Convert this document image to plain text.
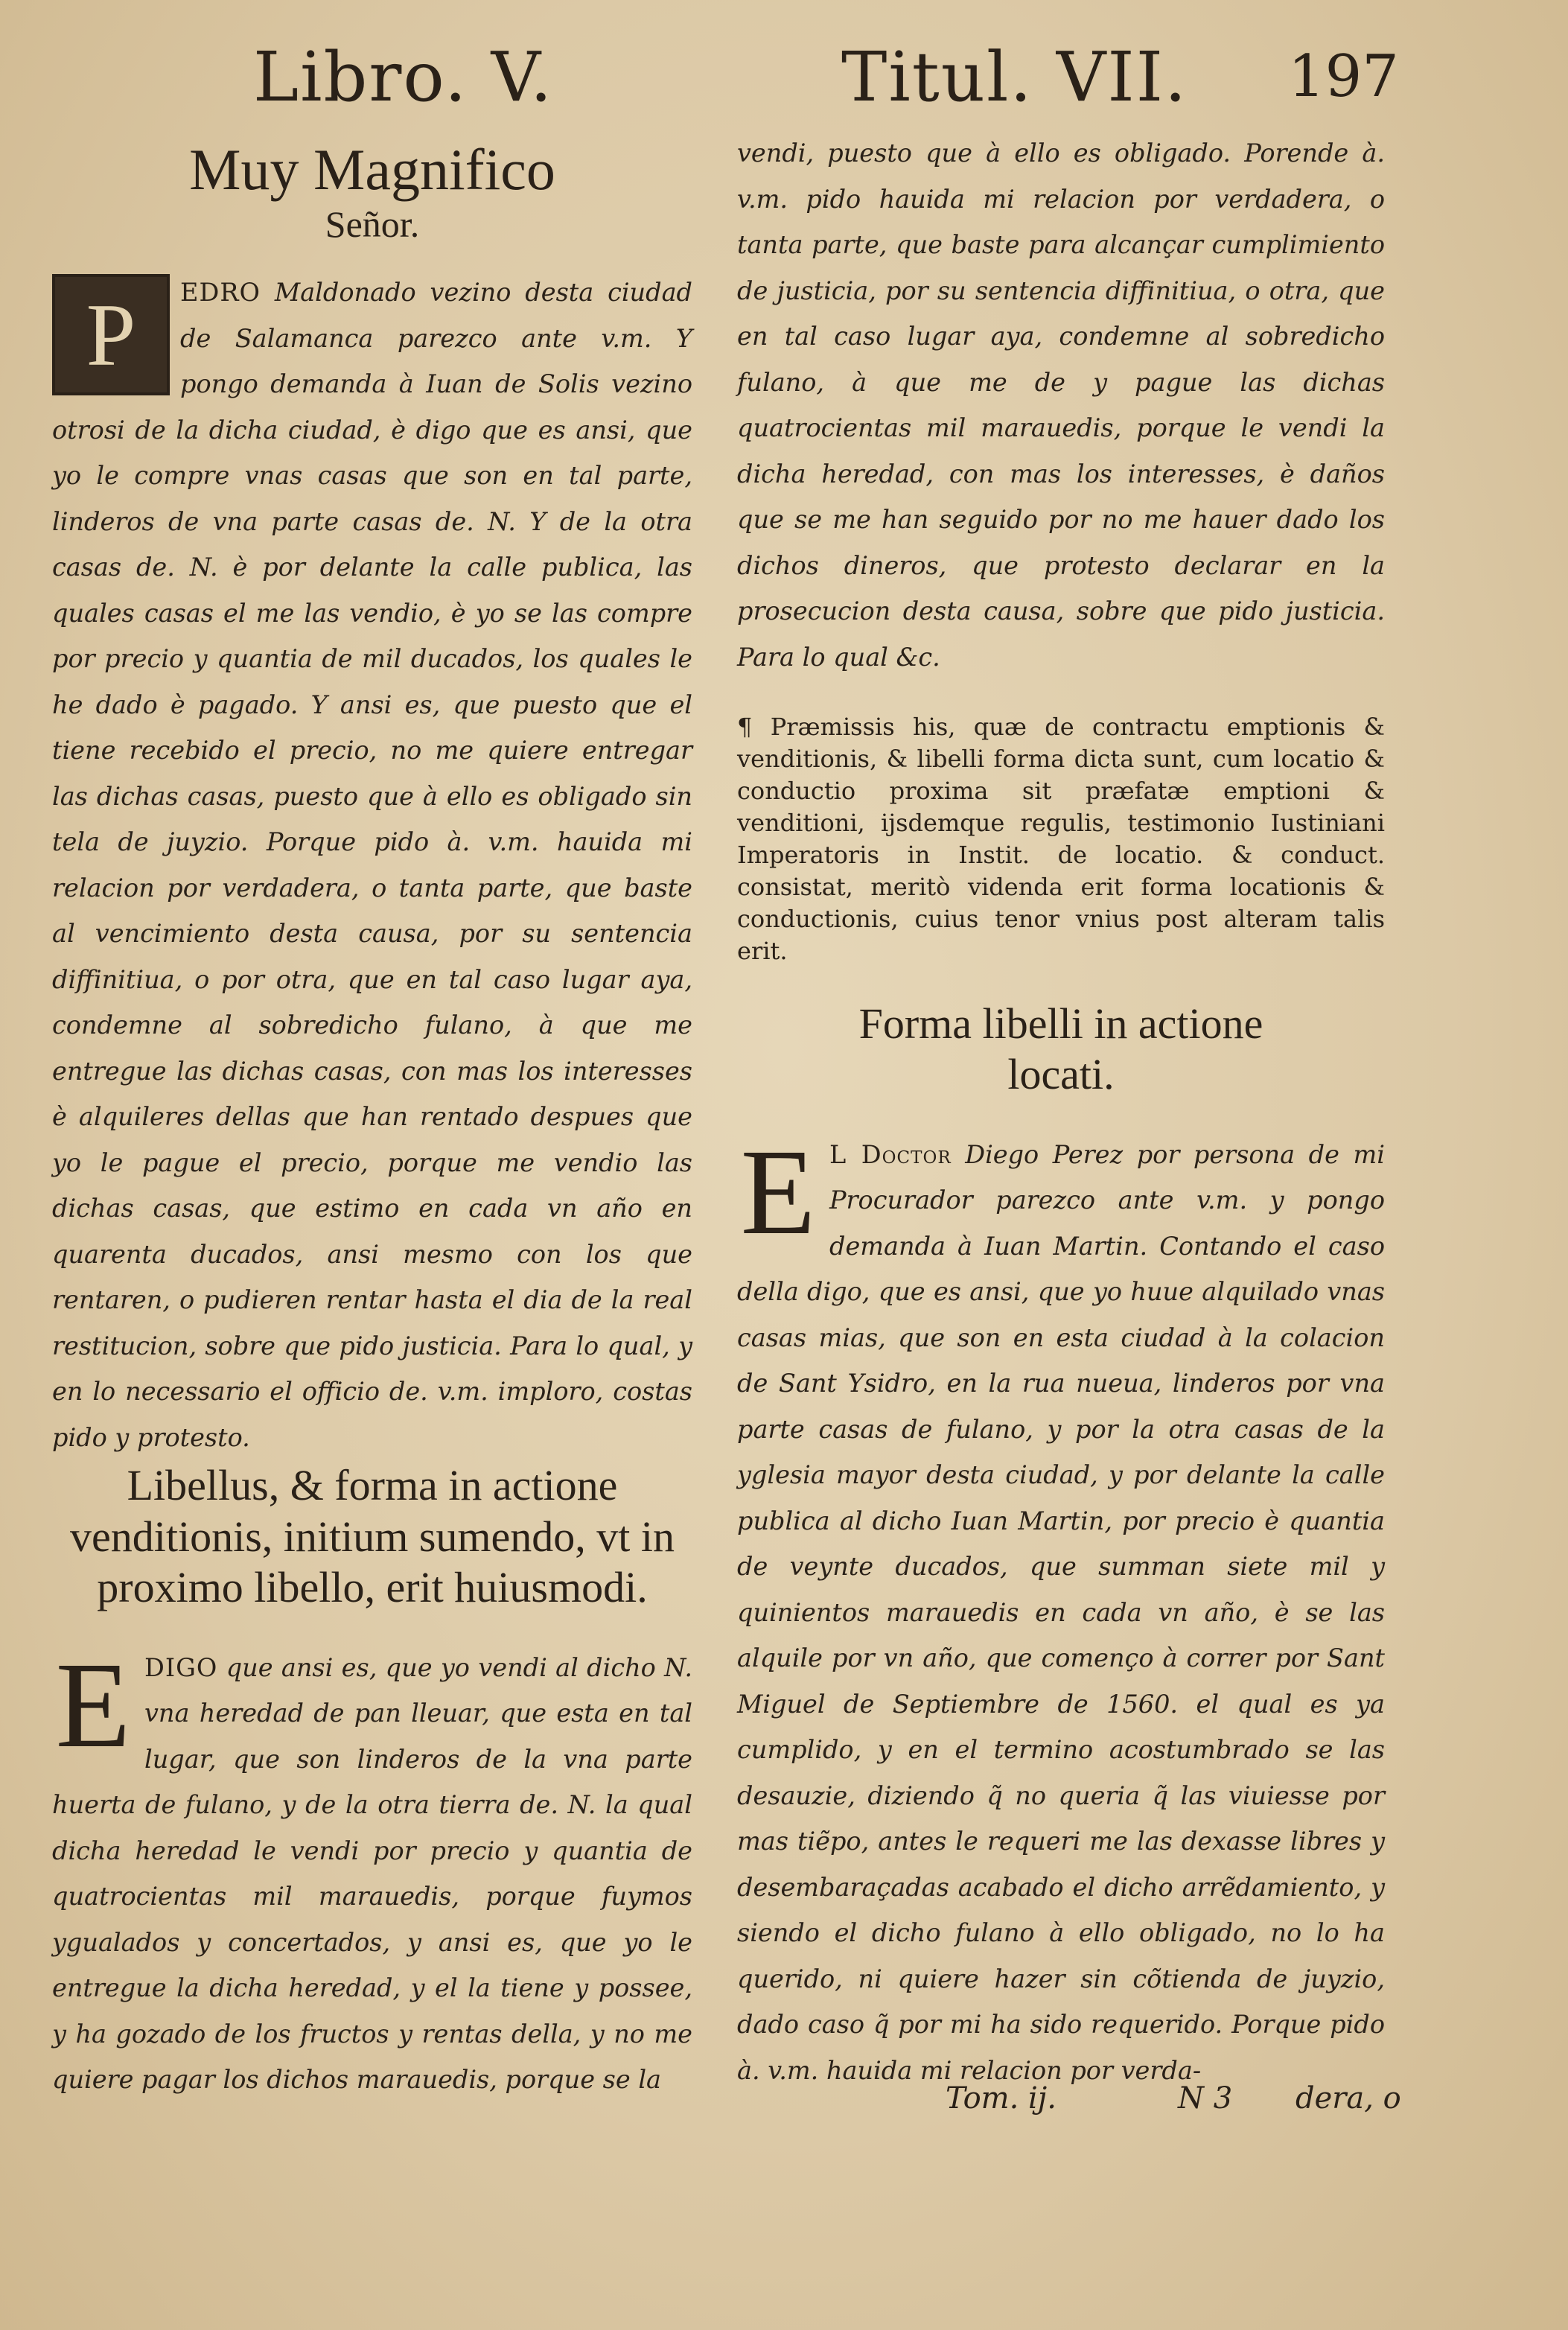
Libro. V.	Titul. VII. 197
Muy Magnifico
Señor.

P	EDRO Maldonado vezino desta ciudad de Salamanca parezco ante v.m. Y pongo demanda à Iuan de Solis vezino otrosi de la dicha ciudad, è digo que es ansi, que yo le compre vnas casas que son en tal parte, linderos de vna parte casas de. N. Y de la otra casas de. N. è por delante la calle publica, las quales casas el me las vendio, è yo se las compre por precio y quantia de mil ducados, los quales le he dado è pagado. Y ansi es, que puesto que el tiene recebido el precio, no me quiere entregar las dichas casas, puesto que à ello es obligado sin tela de juyzio. Porque pido à. v.m. hauida mi relacion por verdadera, o tanta parte, que baste al vencimiento desta causa, por su sentencia diffinitiua, o por otra, que en tal caso lugar aya, condemne al sobredicho fulano, à que me entregue las dichas casas, con mas los interesses è alquileres dellas que han rentado despues que yo le pague el precio, porque me vendio las dichas casas, que estimo en cada vn año en quarenta ducados, ansi mesmo con los que rentaren, o pudieren rentar hasta el dia de la real restitucion, sobre que pido justicia. Para lo qual, y en lo necessario el officio de. v.m. imploro, costas pido y protesto.

Libellus, & forma in actione venditionis, initium sumendo, vt in proximo libello, erit huiusmodi.

E DIGO que ansi es, que yo vendi al dicho N. vna heredad de pan lleuar, que esta en tal lugar, que son linderos de la vna parte huerta de fulano, y de la otra tierra de. N. la qual dicha heredad le vendi por precio y quantia de quatrocientas mil marauedis, porque fuymos ygualados y concertados, y ansi es, que yo le entregue la dicha heredad, y el la tiene y possee, y ha gozado de los fructos y rentas della, y no me quiere pagar los dichos marauedis, porque se la

vendi, puesto que à ello es obligado. Porende à. v.m. pido hauida mi relacion por verdadera, o tanta parte, que baste para alcançar cumplimiento de justicia, por su sentencia diffinitiua, o otra, que en tal caso lugar aya, condemne al sobredicho fulano, à que me de y pague las dichas quatrocientas mil marauedis, porque le vendi la dicha heredad, con mas los interesses, è daños que se me han seguido por no me hauer dado los dichos dineros, que protesto declarar en la prosecucion desta causa, sobre que pido justicia. Para lo qual &c.

¶ Præmissis his, quæ de contractu emptionis & venditionis, & libelli forma dicta sunt, cum locatio & conductio proxima sit præfatæ emptioni & venditioni, ijsdemque regulis, testimonio Iustiniani Imperatoris in Instit. de locatio. & conduct. consistat, meritò videnda erit forma locationis & conductionis, cuius tenor vnius post alteram talis erit.

Forma libelli in actione
locati.

E L Doctor Diego Perez por persona de mi Procurador parezco ante v.m. y pongo demanda à Iuan Martin. Contando el caso della digo, que es ansi, que yo huue alquilado vnas casas mias, que son en esta ciudad à la colacion de Sant Ysidro, en la rua nueua, linderos por vna parte casas de fulano, y por la otra casas de la yglesia mayor desta ciudad, y por delante la calle publica al dicho Iuan Martin, por precio è quantia de veynte ducados, que summan siete mil y quinientos marauedis en cada vn año, è se las alquile por vn año, que començo à correr por Sant Miguel de Septiembre de 1560. el qual es ya cumplido, y en el termino acostumbrado se las desauzie, diziendo q̃ no queria q̃ las viuiesse por mas tiẽpo, antes le requeri me las dexasse libres y desembaraçadas acabado el dicho arrẽdamiento, y siendo el dicho fulano à ello obligado, no lo ha querido, ni quiere hazer sin cõtienda de juyzio, dado caso q̃ por mi ha sido requerido. Porque pido à. v.m. hauida mi relacion por verda-

Tom. ij.	N 3 dera, o
